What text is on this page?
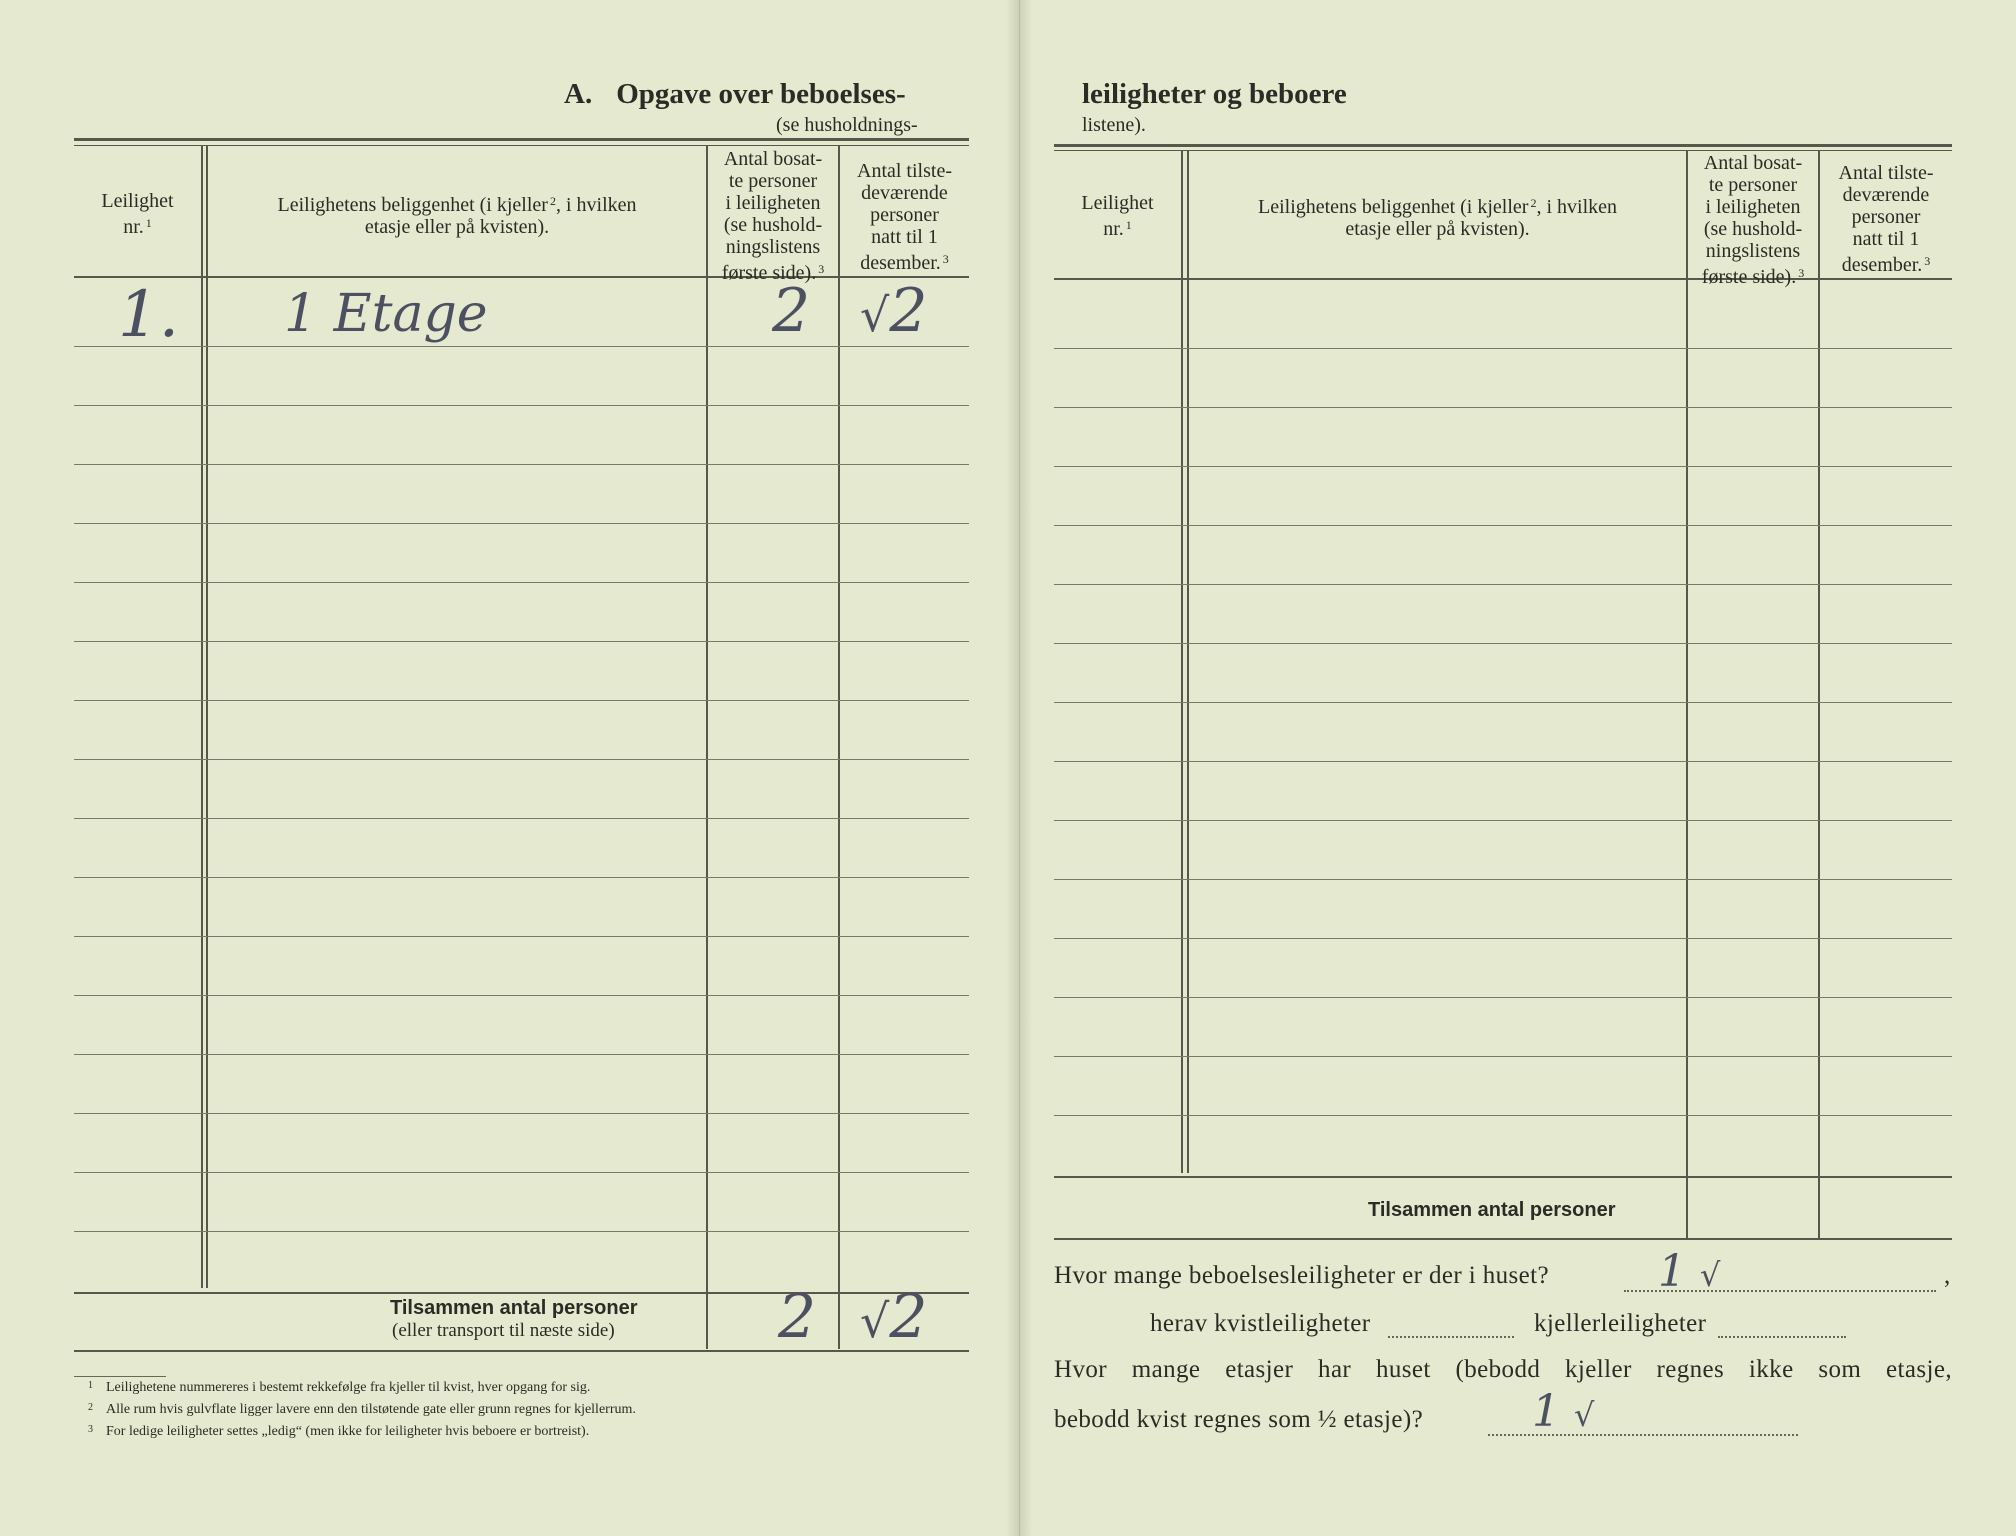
A. Opgave over beboelses-
(se husholdnings-
Leilighet
nr. $^1$
Leilighetens beliggenhet (i kjeller $^2$, i hvilken
etasje eller på kvisten).
Antal bosat-
te personer
i leiligheten
(se hushold-
ningslistens
første side). $^3$
Antal tilste-
deværende
personer
natt til 1
desember. $^3$
1. 1 Etage	2 √2
Tilsammen antal personer
(eller transport til næste side)	2 √2
1 Leilighetene nummereres i bestemt rekkefølge fra kjeller til kvist, hver opgang for sig.
2 Alle rum hvis gulvflate ligger lavere enn den tilstøtende gate eller grunn regnes for kjellerrum.
3 For ledige leiligheter settes „ledig“ (men ikke for leiligheter hvis beboere er bortreist).
leiligheter og beboere
listene).
Leilighet
nr. $^1$
Leilighetens beliggenhet (i kjeller $^2$, i hvilken
etasje eller på kvisten).
Antal bosat-
te personer
i leiligheten
(se hushold-
ningslistens
første side). $^3$
Antal tilste-
deværende
personer
natt til 1
desember. $^3$
Tilsammen antal personer
Hvor mange beboelsesleiligheter er der i huset? 1 √	,
herav kvistleiligheter	kjellerleiligheter
Hvor mange etasjer har huset (bebodd kjeller regnes ikke som etasje,
bebodd kvist regnes som ½ etasje)? 1 √
